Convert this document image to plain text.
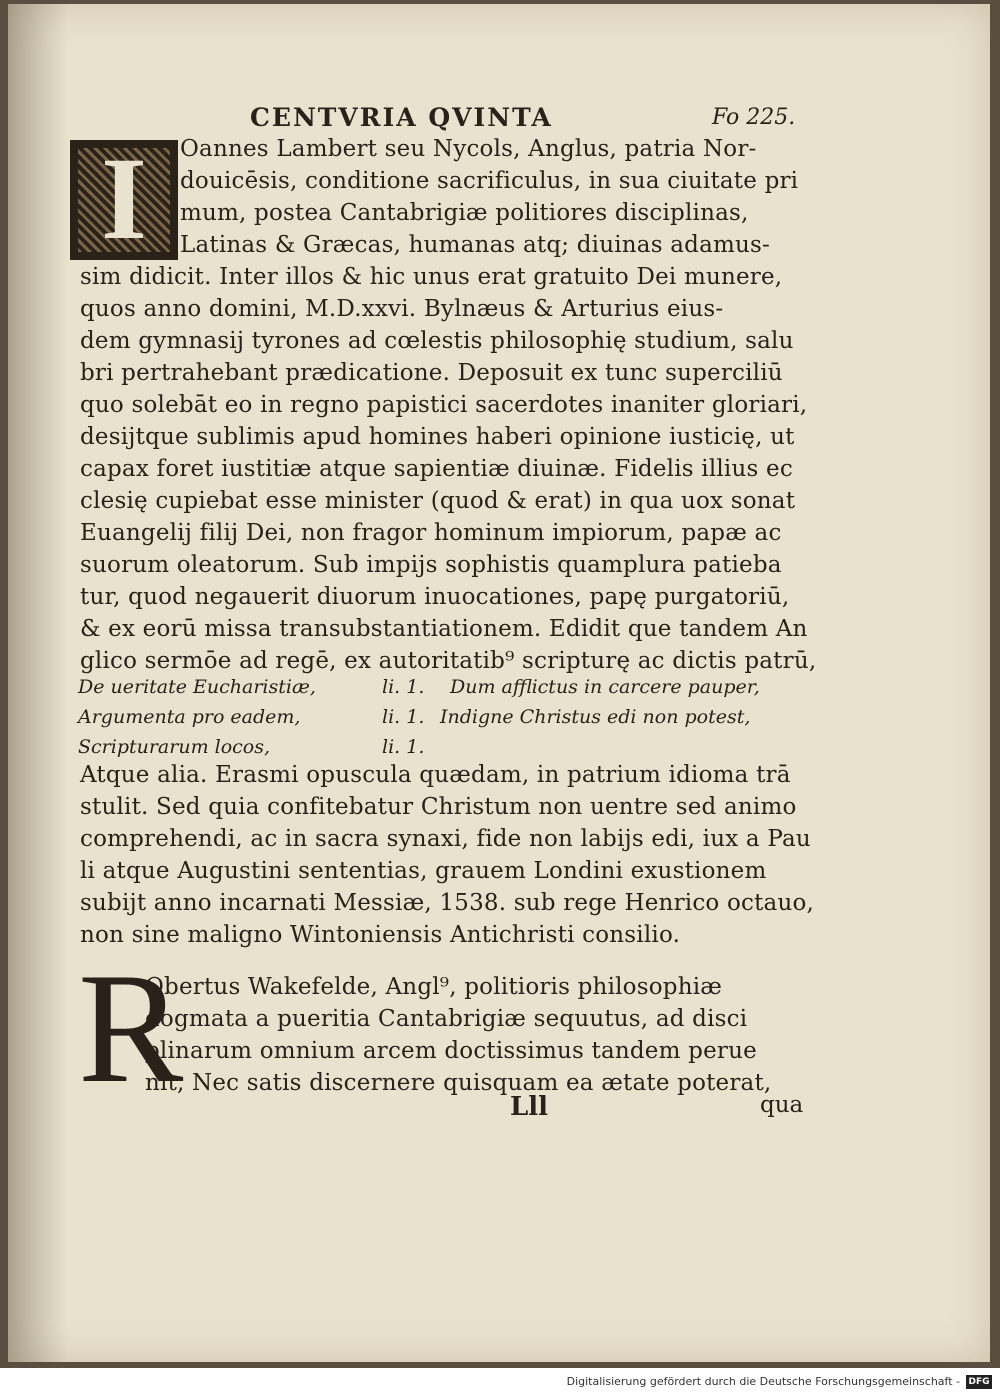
CENTVRIA QVINTA	Fo 225.
I	Oannes Lambert seu Nycols, Anglus, patria Nor-
douicēsis, conditione sacrificulus, in sua ciuitate pri
mum, postea Cantabrigiæ politiores disciplinas,
Latinas & Græcas, humanas atq; diuinas adamus-
sim didicit. Inter illos & hic unus erat gratuito Dei munere,
quos anno domini, M.D.xxvi. Bylnæus & Arturius eius-
dem gymnasij tyrones ad cœlestis philosophię studium, salu
bri pertrahebant prædicatione. Deposuit ex tunc superciliū
quo solebāt eo in regno papistici sacerdotes inaniter gloriari,
desijtque sublimis apud homines haberi opinione iusticię, ut
capax foret iustitiæ atque sapientiæ diuinæ. Fidelis illius ec
clesię cupiebat esse minister (quod & erat) in qua uox sonat
Euangelij filij Dei, non fragor hominum impiorum, papæ ac
suorum oleatorum. Sub impijs sophistis quamplura patieba
tur, quod negauerit diuorum inuocationes, papę purgatoriū,
& ex eorū missa transubstantiationem. Edidit que tandem An
glico sermōe ad regē, ex autoritatib⁹ scripturę ac dictis patrū,
De ueritate Eucharistiæ,	li. 1. Dum afflictus in carcere pauper,
Argumenta pro eadem,	li. 1. Indigne Christus edi non potest,
Scripturarum locos,	li. 1.
Atque alia. Erasmi opuscula quædam, in patrium idioma trā
stulit. Sed quia confitebatur Christum non uentre sed animo
comprehendi, ac in sacra synaxi, fide non labijs edi, iux a Pau
li atque Augustini sententias, grauem Londini exustionem
subijt anno incarnati Messiæ, 1538. sub rege Henrico octauo,
non sine maligno Wintoniensis Antichristi consilio.
R
Obertus Wakefelde, Angl⁹, politioris philosophiæ
dogmata a pueritia Cantabrigiæ sequutus, ad disci
plinarum omnium arcem doctissimus tandem perue
nit, Nec satis discernere quisquam ea ætate poterat,
Lll	qua
Digitalisierung gefördert durch die Deutsche Forschungsgemeinschaft - DFG
